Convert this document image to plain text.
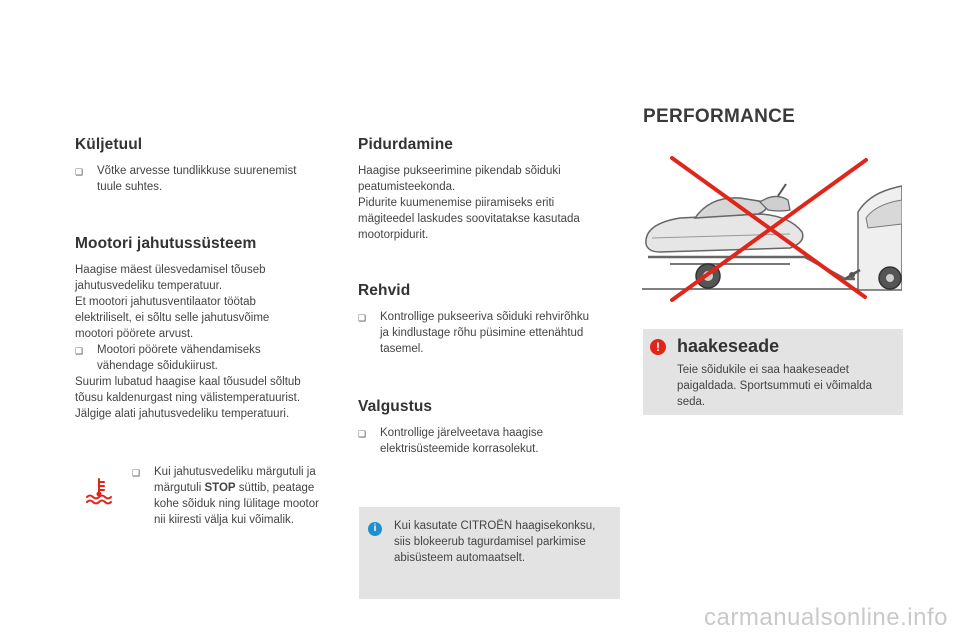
Küljetuul
❑	Võtke arvesse tundlikkuse suurenemist
tuule suhtes.
Mootori jahutussüsteem

Haagise mäest ülesvedamisel tõuseb

jahutusvedeliku temperatuur.

Et mootori jahutusventilaator töötab

elektriliselt, ei sõltu selle jahutusvõime

mootori pöörete arvust.

❑	Mootori pöörete vähendamiseks
vähendage sõidukiirust.

Suurim lubatud haagise kaal tõusudel sõltub

tõusu kaldenurgast ning välistemperatuurist.

Jälgige alati jahutusvedeliku temperatuuri.

❑	Kui jahutusvedeliku märgutuli ja
märgutuli STOP süttib, peatage
kohe sõiduk ning lülitage mootor
nii kiiresti välja kui võimalik.
Pidurdamine

Haagise pukseerimine pikendab sõiduki

peatumisteekonda.

Pidurite kuumenemise piiramiseks eriti

mägiteedel laskudes soovitatakse kasutada

mootorpidurit.

Rehvid
❑	Kontrollige pukseeriva sõiduki rehvirõhku
ja kindlustage rõhu püsimine ettenähtud
tasemel.
Valgustus
❑	Kontrollige järelveetava haagise
elektrisüsteemide korrasolekut.
i	Kui kasutate CITROËN haagisekonksu,

siis blokeerub tagurdamisel parkimise

abisüsteem automaatselt.

PERFORMANCE
! haakeseade

Teie sõidukile ei saa haakeseadet

paigaldada. Sportsummuti ei võimalda

seda.

carmanualsonline.info
